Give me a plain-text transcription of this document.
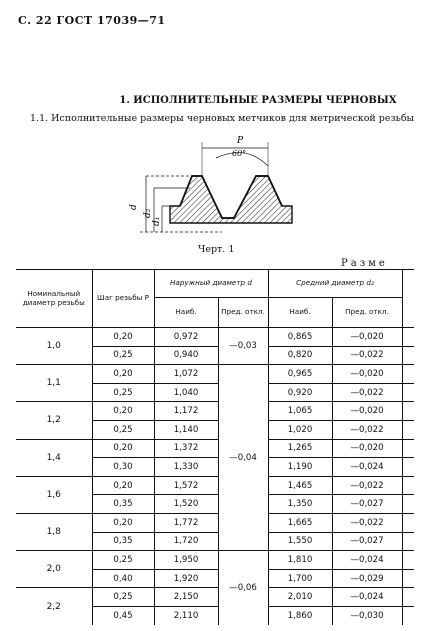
С. 22 ГОСТ 17039—71
1. ИСПОЛНИТЕЛЬНЫЕ РАЗМЕРЫ ЧЕРНОВЫХ
1.1. Исполнительные размеры черновых метчиков для метрической резьбы
P
60°
d
d₂
d₁
Черт. 1
Разме
Номинальный диаметр резьбы	Шаг резьбы P	Наружный диаметр d		Средний диаметр d₂		
		Наиб.	Пред. откл.	Наиб.	Пред. откл.	
1,0	0,20	0,972	—0,03	0,865	—0,020	
	0,25	0,940		0,820	—0,022	
1,1	0,20	1,072	—0,04	0,965	—0,020	
	0,25	1,040		0,920	—0,022	
1,2	0,20	1,172		1,065	—0,020	
	0,25	1,140		1,020	—0,022	
1,4	0,20	1,372		1,265	—0,020	
	0,30	1,330		1,190	—0,024	
1,6	0,20	1,572		1,465	—0,022	
	0,35	1,520		1,350	—0,027	
1,8	0,20	1,772		1,665	—0,022	
	0,35	1,720		1,550	—0,027	
2,0	0,25	1,950	—0,06	1,810	—0,024	
	0,40	1,920		1,700	—0,029	
2,2	0,25	2,150		2,010	—0,024	
	0,45	2,110		1,860	—0,030	
